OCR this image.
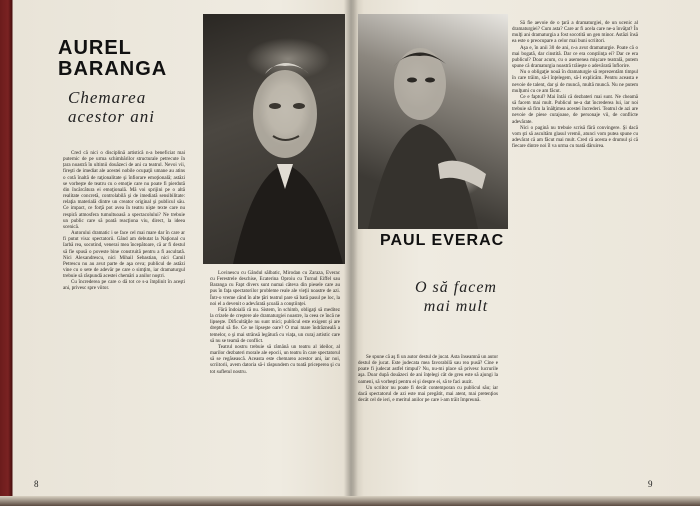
AUREL
BARANGA
Chemarea
acestor ani

Cred că nici o disciplină artistică n-a beneficiat mai puternic de pe urma schimbărilor structurale petrecute în țara noastră în ultimii douăzeci de ani ca teatrul. Nevoi vii, fireşti de imediat ale acestei nobile ocupaţii umane au atins o cotă înaltă de raţionalitate şi înfiorare emoţională; astăzi se vorbeşte de teatru cu o emoţie care nu poate fi pierdută din încărcătura ei emoţională. Mă voi sprijini pe o altă realitate concretă, controlabilă şi de imediată sensibilitate: relaţia materială dintre un creator original şi publicul său. Ce impact, ce forţă pot avea în teatru nişte texte care nu respiră atmosfera tumultuoasă a spectacolului? Ne trebuie un public care să poată reacţiona viu, direct, la ideea scenică.

Autorului dramatic i se face cel mai mare dar în care ar fi putut visa: spectatorii. Gând am debutat la Naţional cu Iarbă rea, socotind, venerai mea începătoare, că ar fi destul să fie spusă o poveste bine construită pentru a fi ascultată. Nici Alexandrescu, nici Mihail Sebastian, nici Camil Petrescu nu au avut parte de aşa ceva; publicul de astăzi vine cu o sete de adevăr pe care o simţim, iar dramaturgul trebuie să răspundă acestei chemări a anilor noştri.

Cu încrederea pe care o dă tot ce s-a împlinit în aceşti ani, privesc spre viitor.

Lovinescu cu Gândul sălbatic, Mirodan cu Zaraza, Everac cu Ferestrele deschise, Ecaterina Oproiu cu Turnul Eiffel sau Baranga cu Fapt divers sunt numai câteva din piesele care au pus în faţa spectatorilor probleme reale ale vieţii noastre de azi. Într-o vreme când în alte ţări teatrul pare să bată pasul pe loc, la noi el a devenit o adevărată şcoală a conştiinţei.

Fără îndoială că nu. Sistem, în schimb, obligaţi să meditez la crizele de creştere ale dramaturgiei noastre, la ceea ce încă ne lipseşte. Dificultăţile nu sunt mici; publicul este exigent şi are dreptul să fie. Ce ne lipseşte oare? O mai mare îndrăzneală a temelor, o şi mai strânsă legătură cu viaţa, un curaj artistic care să nu se teamă de conflict.

Teatrul nostru trebuie să rămână un teatru al ideilor, al marilor dezbateri morale ale epocii, un teatru în care spectatorul să se regăsească. Aceasta este chemarea acestor ani, iar noi, scriitorii, avem datoria să-i răspundem cu toată priceperea şi cu tot sufletul nostru.

8
PAUL EVERAC
O să facem
mai mult

Se spune că aş fi un autor destul de jucat. Asta înseamnă un autor destul de jucat. Este judecata mea favorabilă sau rea pusă? Cine e poate fi judecat astfel timpul? Nu, nu-mi place să privesc lucrurile aşa. Doar după douăzeci de ani înţelegi cât de greu este să ajungi la oameni, să vorbeşti pentru ei şi despre ei, să te faci auzit.

Un scriitor nu poate fi decât contemporan cu publicul său; iar dacă spectatorul de azi este mai pregătit, mai atent, mai pretenţios decât cel de ieri, e meritul anilor pe care i-am trăit împreună.

Să fie aevoie de o ţară a dramaturgiei, de un ucenic al dramaturgiei? Cum asta? Care ar fi acela care ne-a învăţat? În mulţi ani dramaturgia a fost socotită un gen minor. Astăzi însă ea este o preocupare a celor mai buni scriitori.

Aşa e, în anii 30 de ani, n-a avut dramaturgie. Poate că o mai bogată, dar cinstită. Dar ce era conştiinţa ei? Dar ce era publicul? Doar acum, cu o asemenea mişcare teatrală, putem spune că dramaturgia noastră trăieşte o adevărată înflorire.

Nu o obligaţie nouă în dramaturgie să reprezentăm timpul în care trăim, să-l înţelegem, să-l explicăm. Pentru aceasta e nevoie de talent, dar şi de muncă, multă muncă. Nu ne putem mulţumi cu ce am făcut.

Ce e faptul? Mai întâi că dezbateri mai sunt. Ne cheamă să facem mai mult. Publicul ne-a dat încrederea lui, iar noi trebuie să fim la înălţimea acestei încrederi. Teatrul de azi are nevoie de piese curajoase, de personaje vii, de conflicte adevărate.

Nici o pagină nu trebuie scrisă fără convingere. Şi dacă vom şti să ascultăm glasul vremii, atunci vom putea spune cu adevărat că am făcut mai mult. Cred că acesta e drumul şi că fiecare dintre noi îl va urma cu toată dăruirea.

9
